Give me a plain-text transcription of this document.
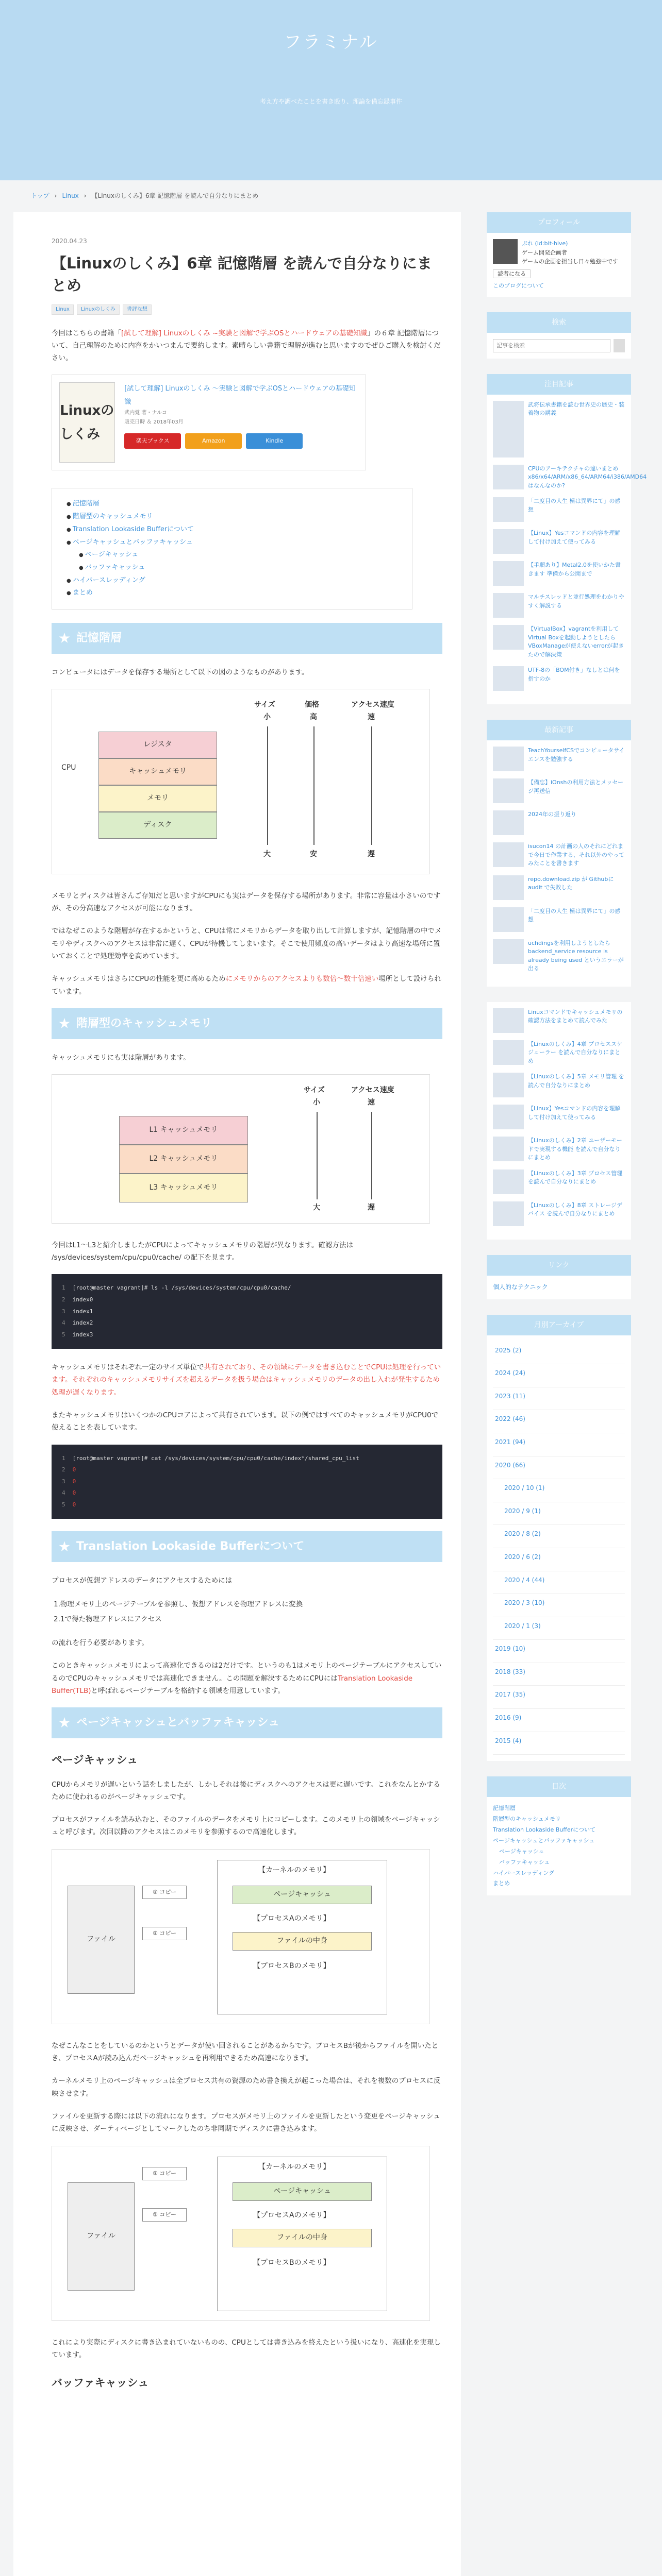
フラミナル
考え方や調べたことを書き殴り、理論を備忘録事件
トップ › Linux › 【Linuxのしくみ】6章 記憶階層 を読んで自分なりにまとめ
2020.04.23
【Linuxのしくみ】6章 記憶階層 を読んで自分なりにまとめ
Linux	Linuxのしくみ	書評な想

今回はこちらの書籍「[試して理解] Linuxのしくみ ~実験と図解で学ぶOSとハードウェアの基礎知識」の６章 記憶階層について、自己理解のために内容をかいつまんで要約します。素晴らしい書籍で理解が進むと思いますのでぜひご購入を検討ください。

Linuxのしくみ
[試して理解] Linuxのしくみ ～実験と図解で学ぶOSとハードウェアの基礎知識
武内覚 著・ナルコ
販売日時 ＆ 2018年03月
楽天ブックス	Amazon	Kindle
● 記憶階層
● 階層型のキャッシュメモリ
● Translation Lookaside Bufferについて
● ページキャッシュとバッファキャッシュ
● ページキャッシュ
● バッファキャッシュ
● ハイパースレッディング
● まとめ
記憶階層

コンピュータにはデータを保存する場所として以下の図のようなものがあります。

サイズ	価格	アクセス速度
小	高	速
大	安	遅
CPU
レジスタ
キャッシュメモリ
メモリ
ディスク

メモリとディスクは皆さんご存知だと思いますがCPUにも実はデータを保存する場所があります。非常に容量は小さいのですが、その分高速なアクセスが可能になります。

ではなぜこのような階層が存在するかというと、CPUは常にメモリからデータを取り出して計算しますが、記憶階層の中でメモリやディスクへのアクセスは非常に遅く、CPUが待機してしまいます。そこで使用頻度の高いデータはより高速な場所に置いておくことで処理効率を高めています。

キャッシュメモリはさらにCPUの性能を更に高めるためにメモリからのアクセスよりも数倍〜数十倍速い場所として設けられています。

階層型のキャッシュメモリ

キャッシュメモリにも実は階層があります。

サイズ	アクセス速度
小	速
大	遅
L1 キャッシュメモリ
L2 キャッシュメモリ
L3 キャッシュメモリ

今回はL1〜L3と紹介しましたがCPUによってキャッシュメモリの階層が異なります。確認方法は /sys/devices/system/cpu/cpu0/cache/ の配下を見ます。

1 [root@master vagrant]# ls -l /sys/devices/system/cpu/cpu0/cache/
2 index0
3 index1
4 index2
5 index3

キャッシュメモリはそれぞれ一定のサイズ単位で共有されており、その領域にデータを書き込むことでCPUは処理を行っています。それぞれのキャッシュメモリサイズを超えるデータを扱う場合はキャッシュメモリのデータの出し入れが発生するため処理が遅くなります。

またキャッシュメモリはいくつかのCPUコアによって共有されています。以下の例ではすべてのキャッシュメモリがCPU0で使えることを表しています。

1 [root@master vagrant]# cat /sys/devices/system/cpu/cpu0/cache/index*/shared_cpu_list
2 0
3 0
4 0
5 0
Translation Lookaside Bufferについて

プロセスが仮想アドレスのデータにアクセスするためには

1.物理メモリ上のページテーブルを参照し、仮想アドレスを物理アドレスに変換
2.1で得た物理アドレスにアクセス

の流れを行う必要があります。

このときキャッシュメモリによって高速化できるのは2だけです。というのも1はメモリ上のページテーブルにアクセスしているのでCPUのキャッシュメモリでは高速化できません。この問題を解決するためにCPUにはTranslation Lookaside Buffer(TLB)と呼ばれるページテーブルを格納する領域を用意しています。

ページキャッシュとバッファキャッシュ
ページキャッシュ

CPUからメモリが遅いという話をしましたが、しかしそれは後にディスクへのアクセスは更に遅いです。これをなんとかするために使われるのがページキャッシュです。

プロセスがファイルを読み込むと、そのファイルのデータをメモリ上にコピーします。このメモリ上の領域をページキャッシュと呼びます。次回以降のアクセスはこのメモリを参照するので高速化します。

ファイル
【カーネルのメモリ】
ページキャッシュ
【プロセスAのメモリ】
ファイルの中身
【プロセスBのメモリ】
① コピー
② コピー

なぜこんなことをしているのかというとデータが使い回されることがあるからです。プロセスBが後からファイルを開いたとき、プロセスAが読み込んだページキャッシュを再利用できるため高速になります。

カーネルメモリ上のページキャッシュは全プロセス共有の資源のため書き換えが起こった場合は、それを複数のプロセスに反映させます。

ファイルを更新する際には以下の流れになります。プロセスがメモリ上のファイルを更新したという変更をページキャッシュに反映させ、ダーティページとしてマークしたのち非同期でディスクに書き込みます。

ファイル
【カーネルのメモリ】
ページキャッシュ
【プロセスAのメモリ】
ファイルの中身
【プロセスBのメモリ】
② コピー
① コピー

これにより実際にディスクに書き込まれていないものの、CPUとしては書き込みを終えたという扱いになり、高速化を実現しています。

バッファキャッシュ
プロフィール
ぷれ (id:bit-hive)
ゲーム開発企画者
ゲームの企画を担当し日々勉強中です
読者になる
このブログについて
検索
記事を検索
注目記事
武将伝承書籍を読む世界史の歴史・装着物の講義
CPUのアーキテクチャの違いまとめ x86/x64/ARM/x86_64/ARM64/i386/AMD64はなんなのか?
「二度目の人生 極は異界にて」の感想
【Linux】Yesコマンドの内容を理解して付け加えて使ってみる
【手順あり】Metal2.0を使いかた書きます 準備から公開まで
マルチスレッドと並行処理をわかりやすく解説する
【VirtualBox】vagrantを利用してVirtual Boxを起動しようとしたらVBoxManageが使えないerrorが起きたので解決策
UTF-8の「BOM付き」なしとは何を指すのか
最新記事
TeachYourselfCSでコンピュータサイエンスを勉強する
【備忘】iOnshの利用方法とメッセージ再送信
2024年の振り返り
isucon14 の計画の人のそれにどれまで今日で作業する、それ以外のやってみたことを書きます
repo.download.zip が Githubにaudit で失敗した
「二度目の人生 極は異界にて」の感想
uchdingsを利用しようとしたら backend_service resource is already being used というエラーが出る
Linuxコマンドでキャッシュメモリの確認方法をまとめて読んでみた
【Linuxのしくみ】4章 プロセススケジューラー を読んで自分なりにまとめ
【Linuxのしくみ】5章 メモリ管理 を読んで自分なりにまとめ
【Linux】Yesコマンドの内容を理解して付け加えて使ってみる
【Linuxのしくみ】2章 ユーザーモードで実現する機能 を読んで自分なりにまとめ
【Linuxのしくみ】3章 プロセス管理 を読んで自分なりにまとめ
【Linuxのしくみ】8章 ストレージデバイス を読んで自分なりにまとめ
リンク
個人的なテクニック
月別アーカイブ
2025 (2)
2024 (24)
2023 (11)
2022 (46)
2021 (94)
2020 (66)
2020 / 10 (1)
2020 / 9 (1)
2020 / 8 (2)
2020 / 6 (2)
2020 / 4 (44)
2020 / 3 (10)
2020 / 1 (3)
2019 (10)
2018 (33)
2017 (35)
2016 (9)
2015 (4)
目次
記憶階層
階層型のキャッシュメモリ
Translation Lookaside Bufferについて
ページキャッシュとバッファキャッシュ
ページキャッシュ
バッファキャッシュ
ハイパースレッディング
まとめ
